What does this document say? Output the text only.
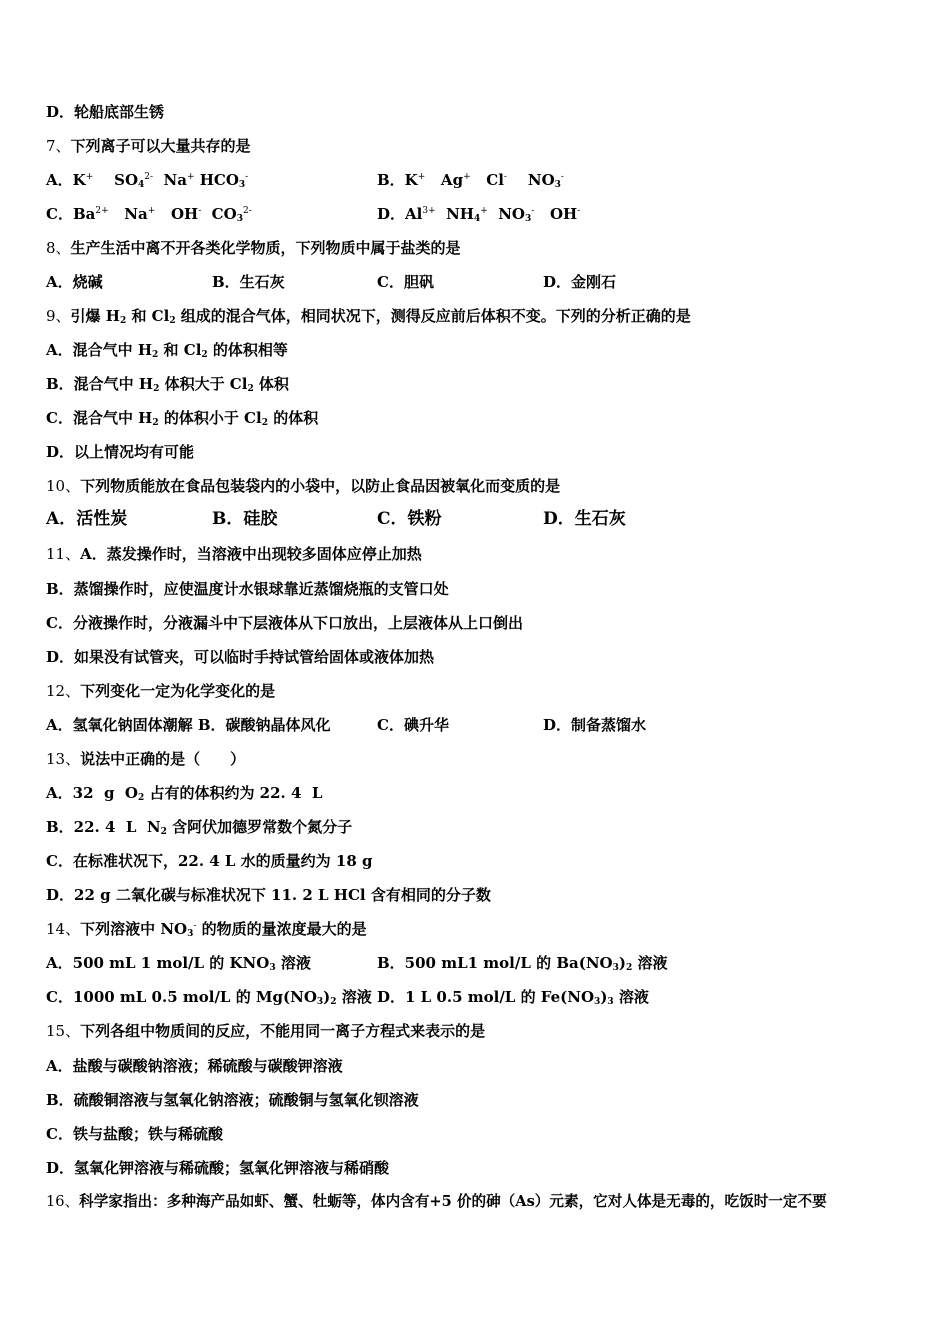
D．轮船底部生锈
7、下列离子可以大量共存的是
A．K+    $SO_4^{2-}$  Na+ $HCO_3^-$	B．K+   Ag+   Cl-    $NO_3^-$
C．$Ba^{2+}$   Na+   OH-  $CO_3^{2-}$	D．$Al^{3+}$  $NH_4^+$  $NO_3^-$   OH-
8、生产生活中离不开各类化学物质，下列物质中属于盐类的是
A．烧碱	B．生石灰	C．胆矾	D．金刚石
9、引爆 $H_2$ 和 $Cl_2$ 组成的混合气体，相同状况下，测得反应前后体积不变。下列的分析正确的是
A．混合气中 $H_2$ 和 $Cl_2$ 的体积相等
B．混合气中 $H_2$ 体积大于 $Cl_2$ 体积
C．混合气中 $H_2$ 的体积小于 $Cl_2$ 的体积
D．以上情况均有可能
10、下列物质能放在食品包装袋内的小袋中，以防止食品因被氧化而变质的是
A．活性炭	B．硅胶	C．铁粉	D．生石灰
11、A．蒸发操作时，当溶液中出现较多固体应停止加热
B．蒸馏操作时，应使温度计水银球靠近蒸馏烧瓶的支管口处
C．分液操作时，分液漏斗中下层液体从下口放出，上层液体从上口倒出
D．如果没有试管夹，可以临时手持试管给固体或液体加热
12、下列变化一定为化学变化的是
A．氢氧化钠固体潮解 B．碳酸钠晶体风化	C．碘升华	D．制备蒸馏水
13、说法中正确的是（　　）
A．32  g  $O_2$ 占有的体积约为 22. 4  L
B．22. 4  L  $N_2$ 含阿伏加德罗常数个氮分子
C．在标准状况下，22. 4 L 水的质量约为 18 g
D．22 g 二氧化碳与标准状况下 11. 2 L HCl 含有相同的分子数
14、下列溶液中 $NO_3^-$ 的物质的量浓度最大的是
A．500 mL 1 mol/L 的 $KNO_3$ 溶液	B．500 mL1 mol/L 的 $Ba(NO_3)_2$ 溶液
C．1000 mL 0.5 mol/L 的 $Mg(NO_3)_2$ 溶液 D．1 L 0.5 mol/L 的 $Fe(NO_3)_3$ 溶液
15、下列各组中物质间的反应，不能用同一离子方程式来表示的是
A．盐酸与碳酸钠溶液；稀硫酸与碳酸钾溶液
B．硫酸铜溶液与氢氧化钠溶液；硫酸铜与氢氧化钡溶液
C．铁与盐酸；铁与稀硫酸
D．氢氧化钾溶液与稀硫酸；氢氧化钾溶液与稀硝酸
16、科学家指出：多种海产品如虾、蟹、牡蛎等，体内含有+5 价的砷（As）元素，它对人体是无毒的，吃饭时一定不要
